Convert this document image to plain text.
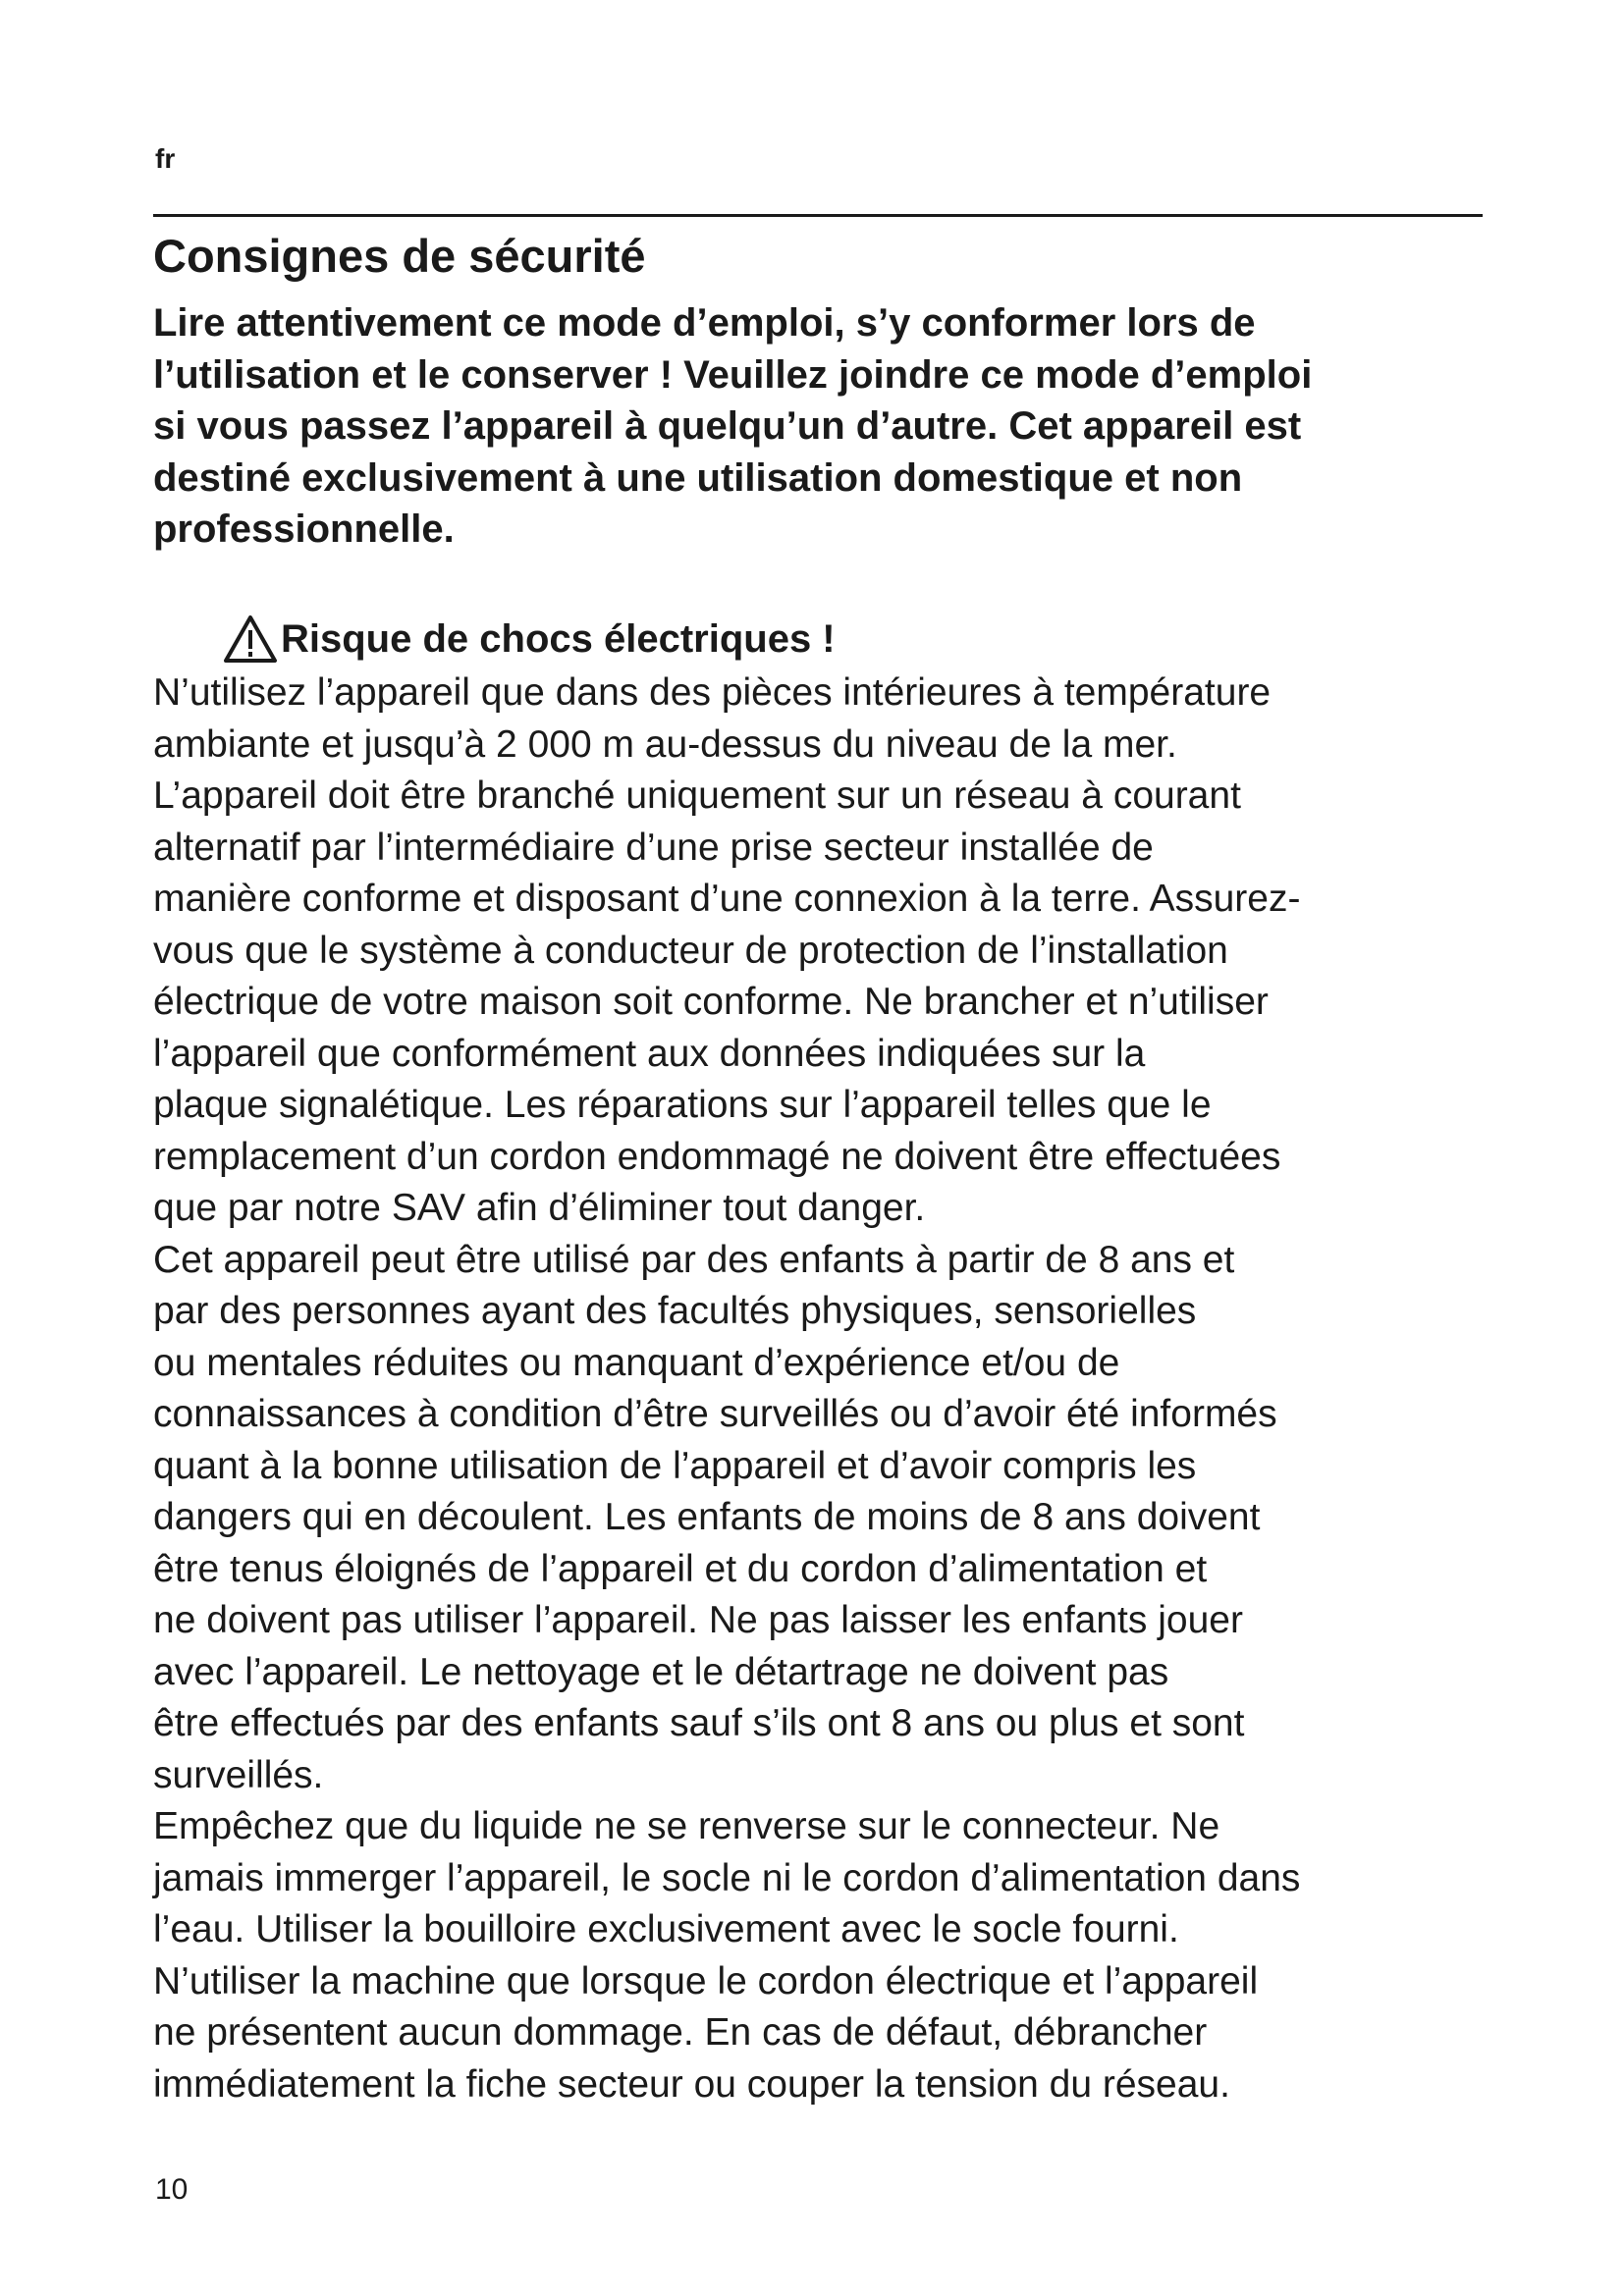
fr
Consignes de sécurité

Lire attentivement ce mode d’emploi, s’y conformer lors de
l’utilisation et le conserver ! Veuillez joindre ce mode d’emploi
si vous passez l’appareil à quelqu’un d’autre. Cet appareil est
destiné exclusivement à une utilisation domestique et non
professionnelle.

Risque de chocs électriques !

N’utilisez l’appareil que dans des pièces intérieures à température
ambiante et jusqu’à 2 000 m au-dessus du niveau de la mer.
L’appareil doit être branché uniquement sur un réseau à courant
alternatif par l’intermédiaire d’une prise secteur installée de
manière conforme et disposant d’une connexion à la terre. Assurez-
vous que le système à conducteur de protection de l’installation
électrique de votre maison soit conforme. Ne brancher et n’utiliser
l’appareil que conformément aux données indiquées sur la
plaque signalétique. Les réparations sur l’appareil telles que le
remplacement d’un cordon endommagé ne doivent être effectuées
que par notre SAV afin d’éliminer tout danger.
Cet appareil peut être utilisé par des enfants à partir de 8 ans et
par des personnes ayant des facultés physiques, sensorielles
ou mentales réduites ou manquant d’expérience et/ou de
connaissances à condition d’être surveillés ou d’avoir été informés
quant à la bonne utilisation de l’appareil et d’avoir compris les
dangers qui en découlent. Les enfants de moins de 8 ans doivent
être tenus éloignés de l’appareil et du cordon d’alimentation et
ne doivent pas utiliser l’appareil. Ne pas laisser les enfants jouer
avec l’appareil. Le nettoyage et le détartrage ne doivent pas
être effectués par des enfants sauf s’ils ont 8 ans ou plus et sont
surveillés.
Empêchez que du liquide ne se renverse sur le connecteur. Ne
jamais immerger l’appareil, le socle ni le cordon d’alimentation dans
l’eau. Utiliser la bouilloire exclusivement avec le socle fourni.
N’utiliser la machine que lorsque le cordon électrique et l’appareil
ne présentent aucun dommage. En cas de défaut, débrancher
immédiatement la fiche secteur ou couper la tension du réseau.

10
